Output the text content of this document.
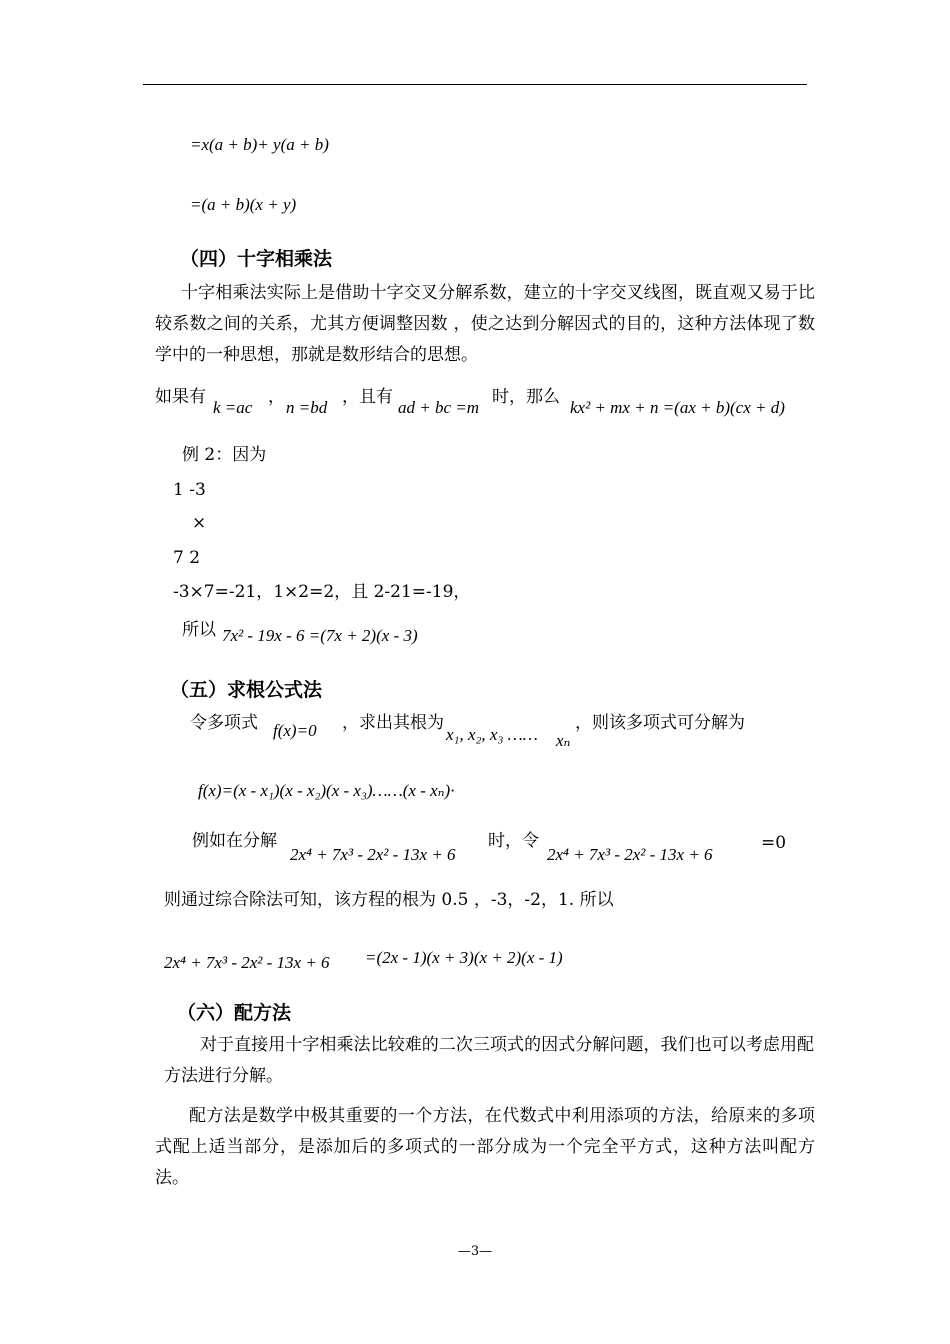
=x(a + b)+ y(a + b)
=(a + b)(x + y)
（四）十字相乘法
十字相乘法实际上是借助十字交叉分解系数，建立的十字交叉线图，既直观又易于比较系数之间的关系，尤其方便调整因数 ，使之达到分解因式的目的，这种方法体现了数学中的一种思想，那就是数形结合的思想。
如果有
k =ac
，
n =bd
，且有
ad + bc =m
时，那么
kx² + mx + n =(ax + b)(cx + d)
例 2：因为
1 -3
×
7 2
-3×7=-21，1×2=2，且 2-21=-19，
所以 7x² - 19x - 6 =(7x + 2)(x - 3)
（五）求根公式法
令多项式 f(x)=0 ，求出其根为
x₁, x₂, x₃ …… xₙ
，则该多项式可分解为
f(x)=(x - x₁)(x - x₂)(x - x₃)……(x - xₙ)·
例如在分解
2x⁴ + 7x³ - 2x² - 13x + 6
时，令
2x⁴ + 7x³ - 2x² - 13x + 6
=0
则通过综合除法可知，该方程的根为 0.5 ，-3，-2，1. 所以
2x⁴ + 7x³ - 2x² - 13x + 6 =(2x - 1)(x + 3)(x + 2)(x - 1)
（六）配方法
对于直接用十字相乘法比较难的二次三项式的因式分解问题，我们也可以考虑用配方法进行分解。
配方法是数学中极其重要的一个方法，在代数式中利用添项的方法，给原来的多项式配上适当部分，是添加后的多项式的一部分成为一个完全平方式，这种方法叫配方法。
—3—
